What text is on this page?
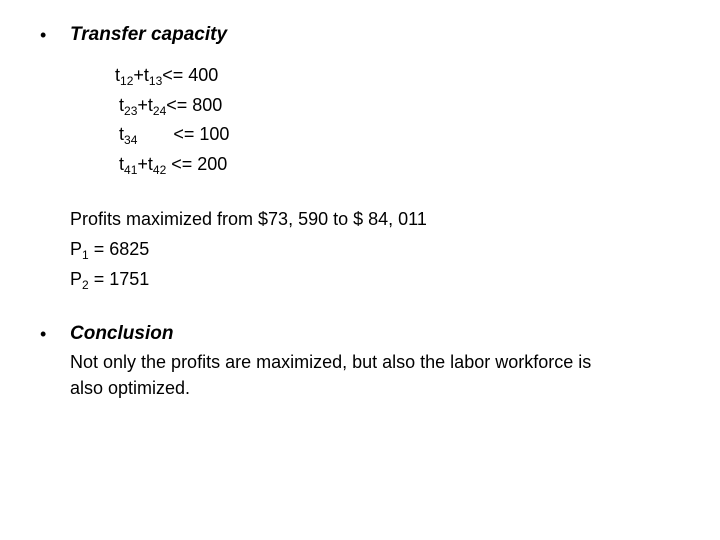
• Transfer capacity
$t_{12}+t_{13}<= 400$
$t_{23}+t_{24}<= 800$
$t_{34} <= 100$
$t_{41}+t_{42} <= 200$
Profits maximized from $73, 590 to $ 84, 011
$P_1 = 6825$
$P_2 = 1751$
• Conclusion
Not only the profits are maximized, but also the labor workforce is
also optimized.
